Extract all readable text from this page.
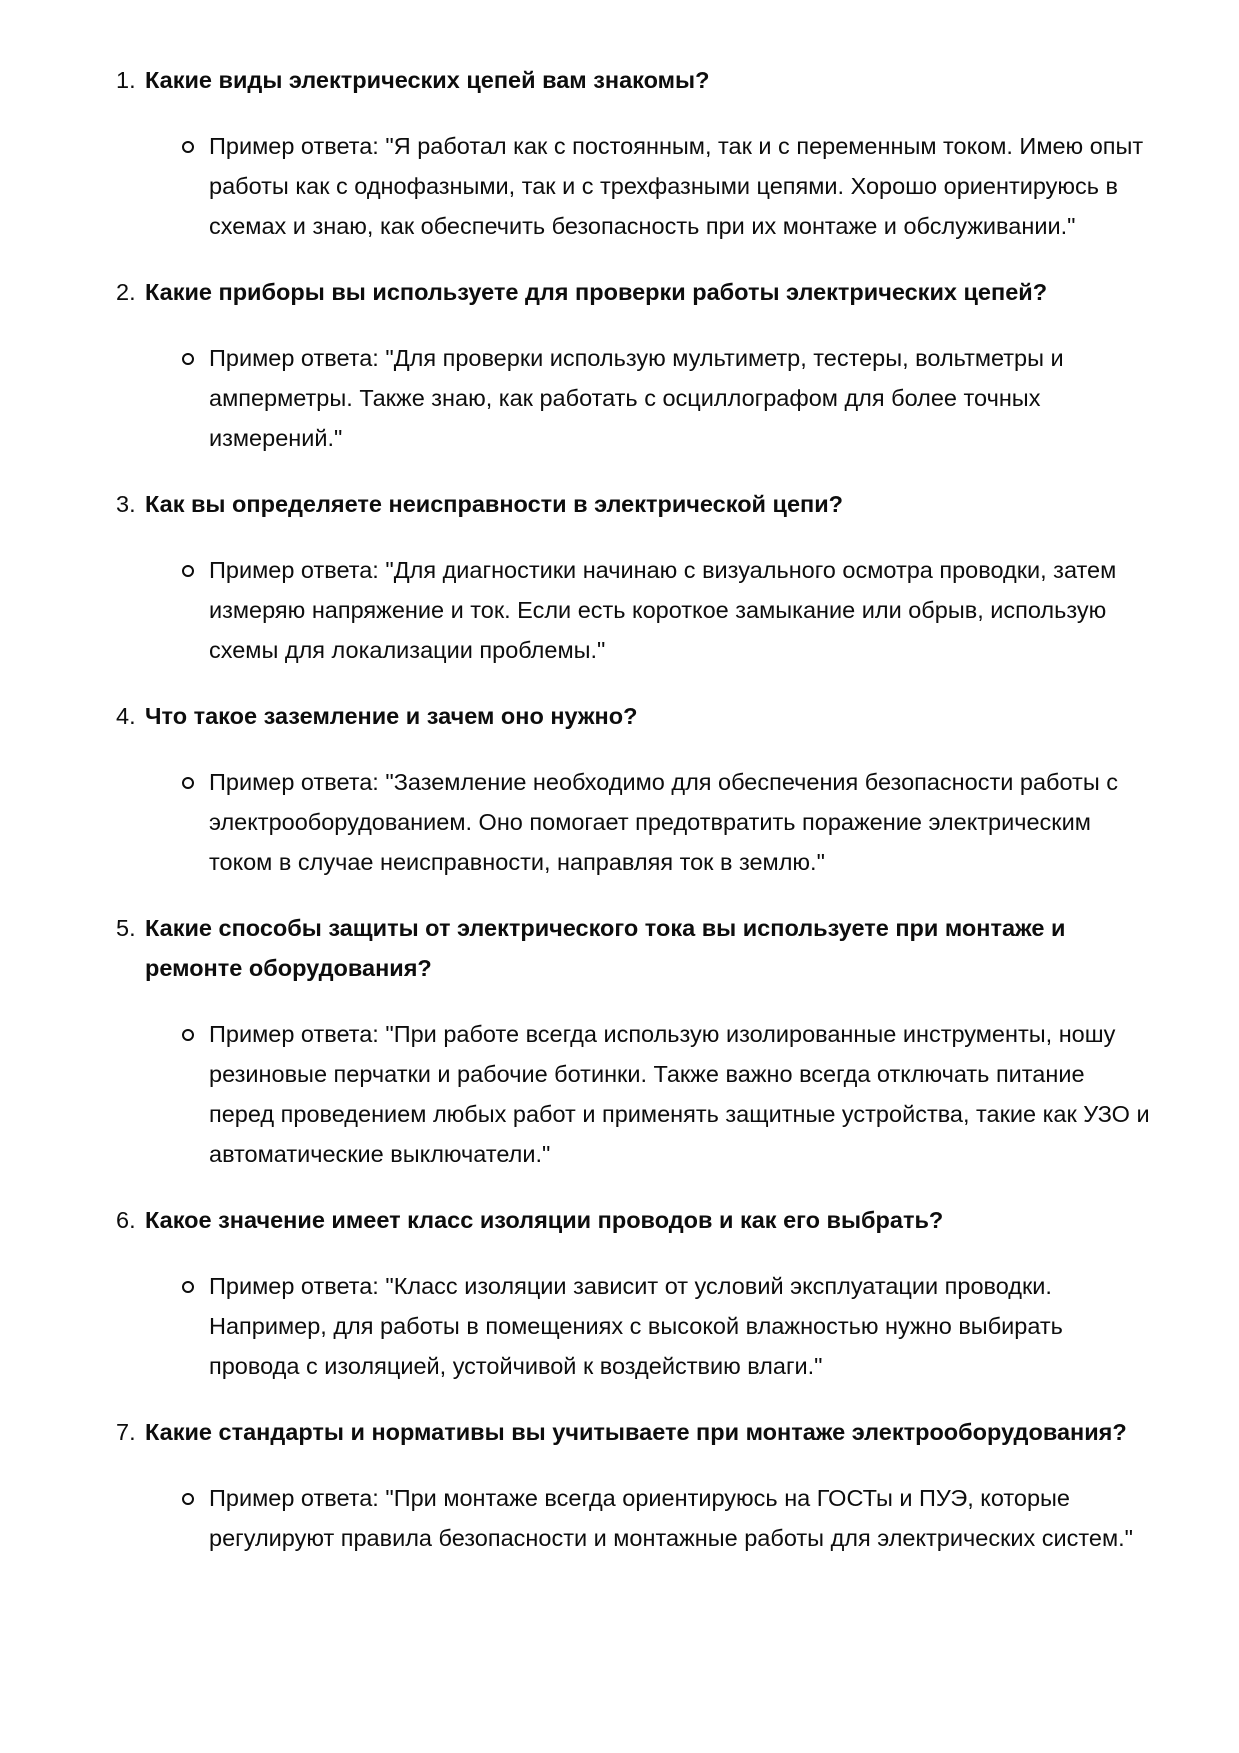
1. Какие виды электрических цепей вам знакомы?

Пример ответа: "Я работал как с постоянным, так и с переменным током. Имею опыт работы как с однофазными, так и с трехфазными цепями. Хорошо ориентируюсь в схемах и знаю, как обеспечить безопасность при их монтаже и обслуживании."
2. Какие приборы вы используете для проверки работы электрических цепей?

Пример ответа: "Для проверки использую мультиметр, тестеры, вольтметры и амперметры. Также знаю, как работать с осциллографом для более точных измерений."
3. Как вы определяете неисправности в электрической цепи?

Пример ответа: "Для диагностики начинаю с визуального осмотра проводки, затем измеряю напряжение и ток. Если есть короткое замыкание или обрыв, использую схемы для локализации проблемы."
4. Что такое заземление и зачем оно нужно?

Пример ответа: "Заземление необходимо для обеспечения безопасности работы с электрооборудованием. Оно помогает предотвратить поражение электрическим током в случае неисправности, направляя ток в землю."
5. Какие способы защиты от электрического тока вы используете при монтаже и ремонте оборудования?

Пример ответа: "При работе всегда использую изолированные инструменты, ношу резиновые перчатки и рабочие ботинки. Также важно всегда отключать питание перед проведением любых работ и применять защитные устройства, такие как УЗО и автоматические выключатели."
6. Какое значение имеет класс изоляции проводов и как его выбрать?

Пример ответа: "Класс изоляции зависит от условий эксплуатации проводки. Например, для работы в помещениях с высокой влажностью нужно выбирать провода с изоляцией, устойчивой к воздействию влаги."
7. Какие стандарты и нормативы вы учитываете при монтаже электрооборудования?

Пример ответа: "При монтаже всегда ориентируюсь на ГОСТы и ПУЭ, которые регулируют правила безопасности и монтажные работы для электрических систем."
